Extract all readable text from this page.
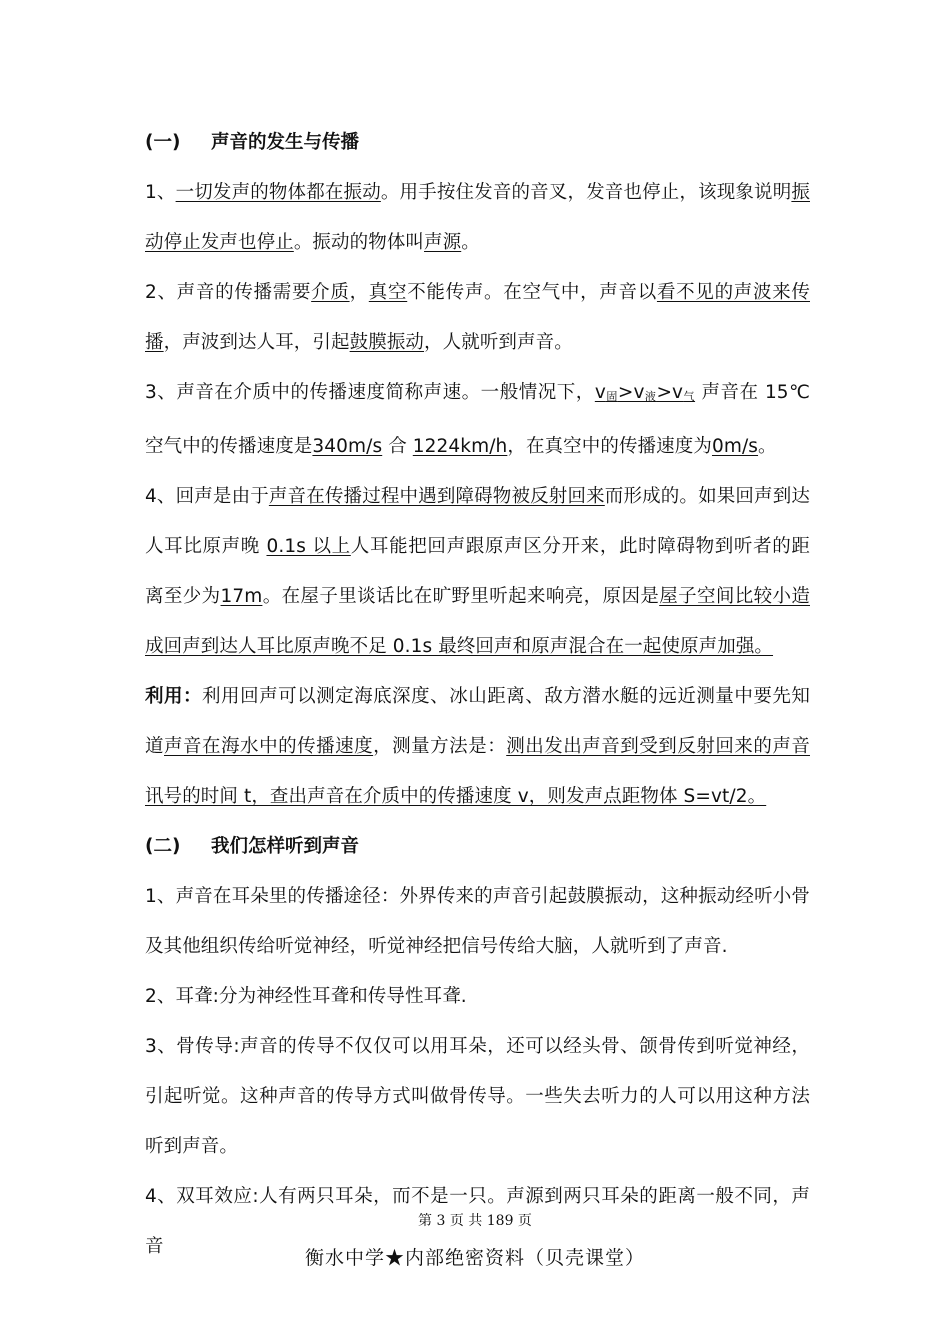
(一) 声音的发生与传播

1、一切发声的物体都在振动。用手按住发音的音叉，发音也停止，该现象说明振动停止发声也停止。振动的物体叫声源。

2、声音的传播需要介质，真空不能传声。在空气中，声音以看不见的声波来传播，声波到达人耳，引起鼓膜振动，人就听到声音。

3、声音在介质中的传播速度简称声速。一般情况下，v固>v液>v气 声音在 15℃空气中的传播速度是340m/s 合 1224km/h，在真空中的传播速度为0m/s。

4、回声是由于声音在传播过程中遇到障碍物被反射回来而形成的。如果回声到达人耳比原声晚 0.1s 以上人耳能把回声跟原声区分开来，此时障碍物到听者的距离至少为17m。在屋子里谈话比在旷野里听起来响亮，原因是屋子空间比较小造成回声到达人耳比原声晚不足 0.1s 最终回声和原声混合在一起使原声加强。

利用：利用回声可以测定海底深度、冰山距离、敌方潜水艇的远近测量中要先知道声音在海水中的传播速度，测量方法是：测出发出声音到受到反射回来的声音讯号的时间 t，查出声音在介质中的传播速度 v，则发声点距物体 S=vt/2。

(二) 我们怎样听到声音

1、声音在耳朵里的传播途径：外界传来的声音引起鼓膜振动，这种振动经听小骨及其他组织传给听觉神经，听觉神经把信号传给大脑，人就听到了声音.

2、耳聋:分为神经性耳聋和传导性耳聋.

3、骨传导:声音的传导不仅仅可以用耳朵，还可以经头骨、颌骨传到听觉神经，引起听觉。这种声音的传导方式叫做骨传导。一些失去听力的人可以用这种方法听到声音。

4、双耳效应:人有两只耳朵，而不是一只。声源到两只耳朵的距离一般不同，声音

第 3 页 共 189 页
衡水中学★内部绝密资料（贝壳课堂）
